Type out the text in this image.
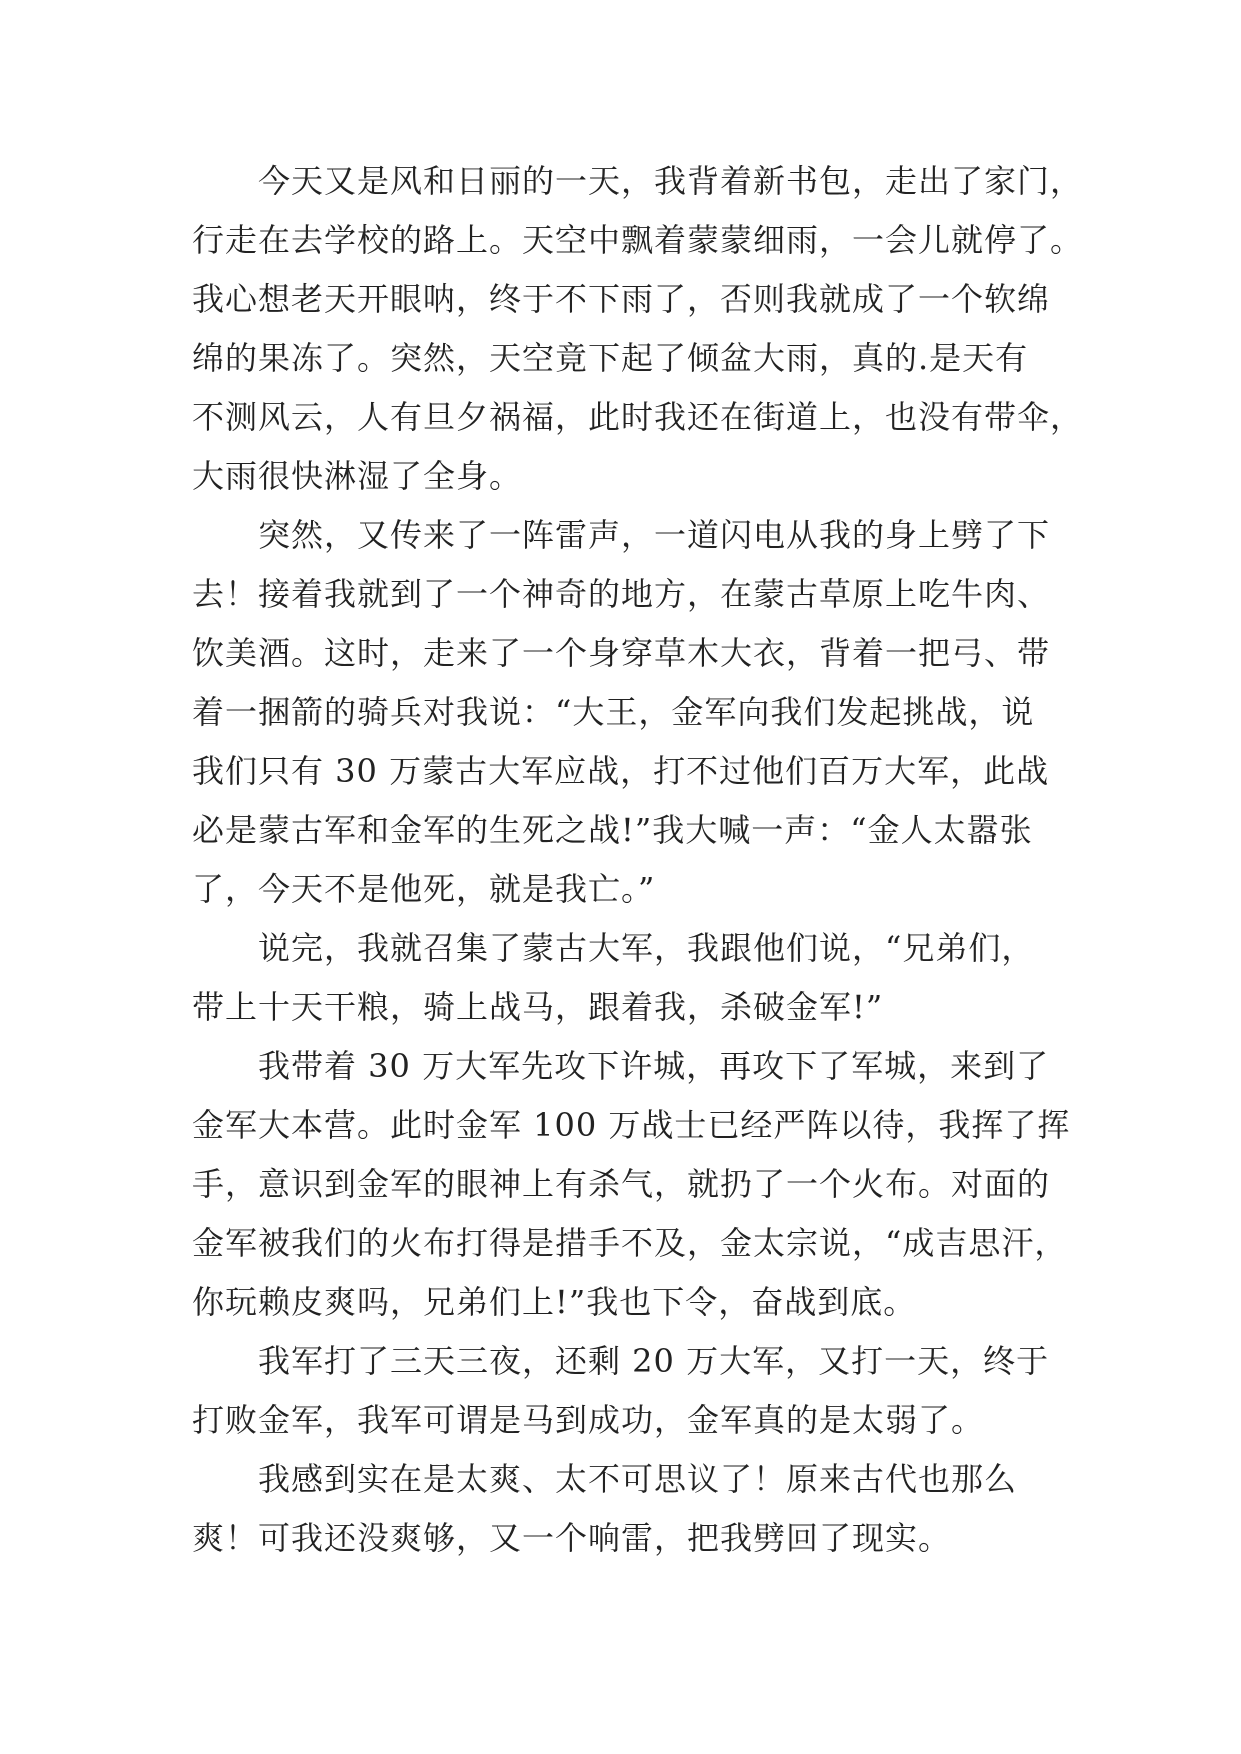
今天又是风和日丽的一天，我背着新书包，走出了家门，
行走在去学校的路上。天空中飘着蒙蒙细雨，一会儿就停了。
我心想老天开眼呐，终于不下雨了，否则我就成了一个软绵
绵的果冻了。突然，天空竟下起了倾盆大雨，真的.是天有
不测风云，人有旦夕祸福，此时我还在街道上，也没有带伞，
大雨很快淋湿了全身。
突然，又传来了一阵雷声，一道闪电从我的身上劈了下
去！接着我就到了一个神奇的地方，在蒙古草原上吃牛肉、
饮美酒。这时，走来了一个身穿草木大衣，背着一把弓、带
着一捆箭的骑兵对我说：“大王，金军向我们发起挑战，说
我们只有 30 万蒙古大军应战，打不过他们百万大军，此战
必是蒙古军和金军的生死之战!”我大喊一声：“金人太嚣张
了，今天不是他死，就是我亡。”
说完，我就召集了蒙古大军，我跟他们说，“兄弟们，
带上十天干粮，骑上战马，跟着我，杀破金军!”
我带着 30 万大军先攻下许城，再攻下了军城，来到了
金军大本营。此时金军 100 万战士已经严阵以待，我挥了挥
手，意识到金军的眼神上有杀气，就扔了一个火布。对面的
金军被我们的火布打得是措手不及，金太宗说，“成吉思汗，
你玩赖皮爽吗，兄弟们上!”我也下令，奋战到底。
我军打了三天三夜，还剩 20 万大军，又打一天，终于
打败金军，我军可谓是马到成功，金军真的是太弱了。
我感到实在是太爽、太不可思议了！原来古代也那么
爽！可我还没爽够，又一个响雷，把我劈回了现实。
